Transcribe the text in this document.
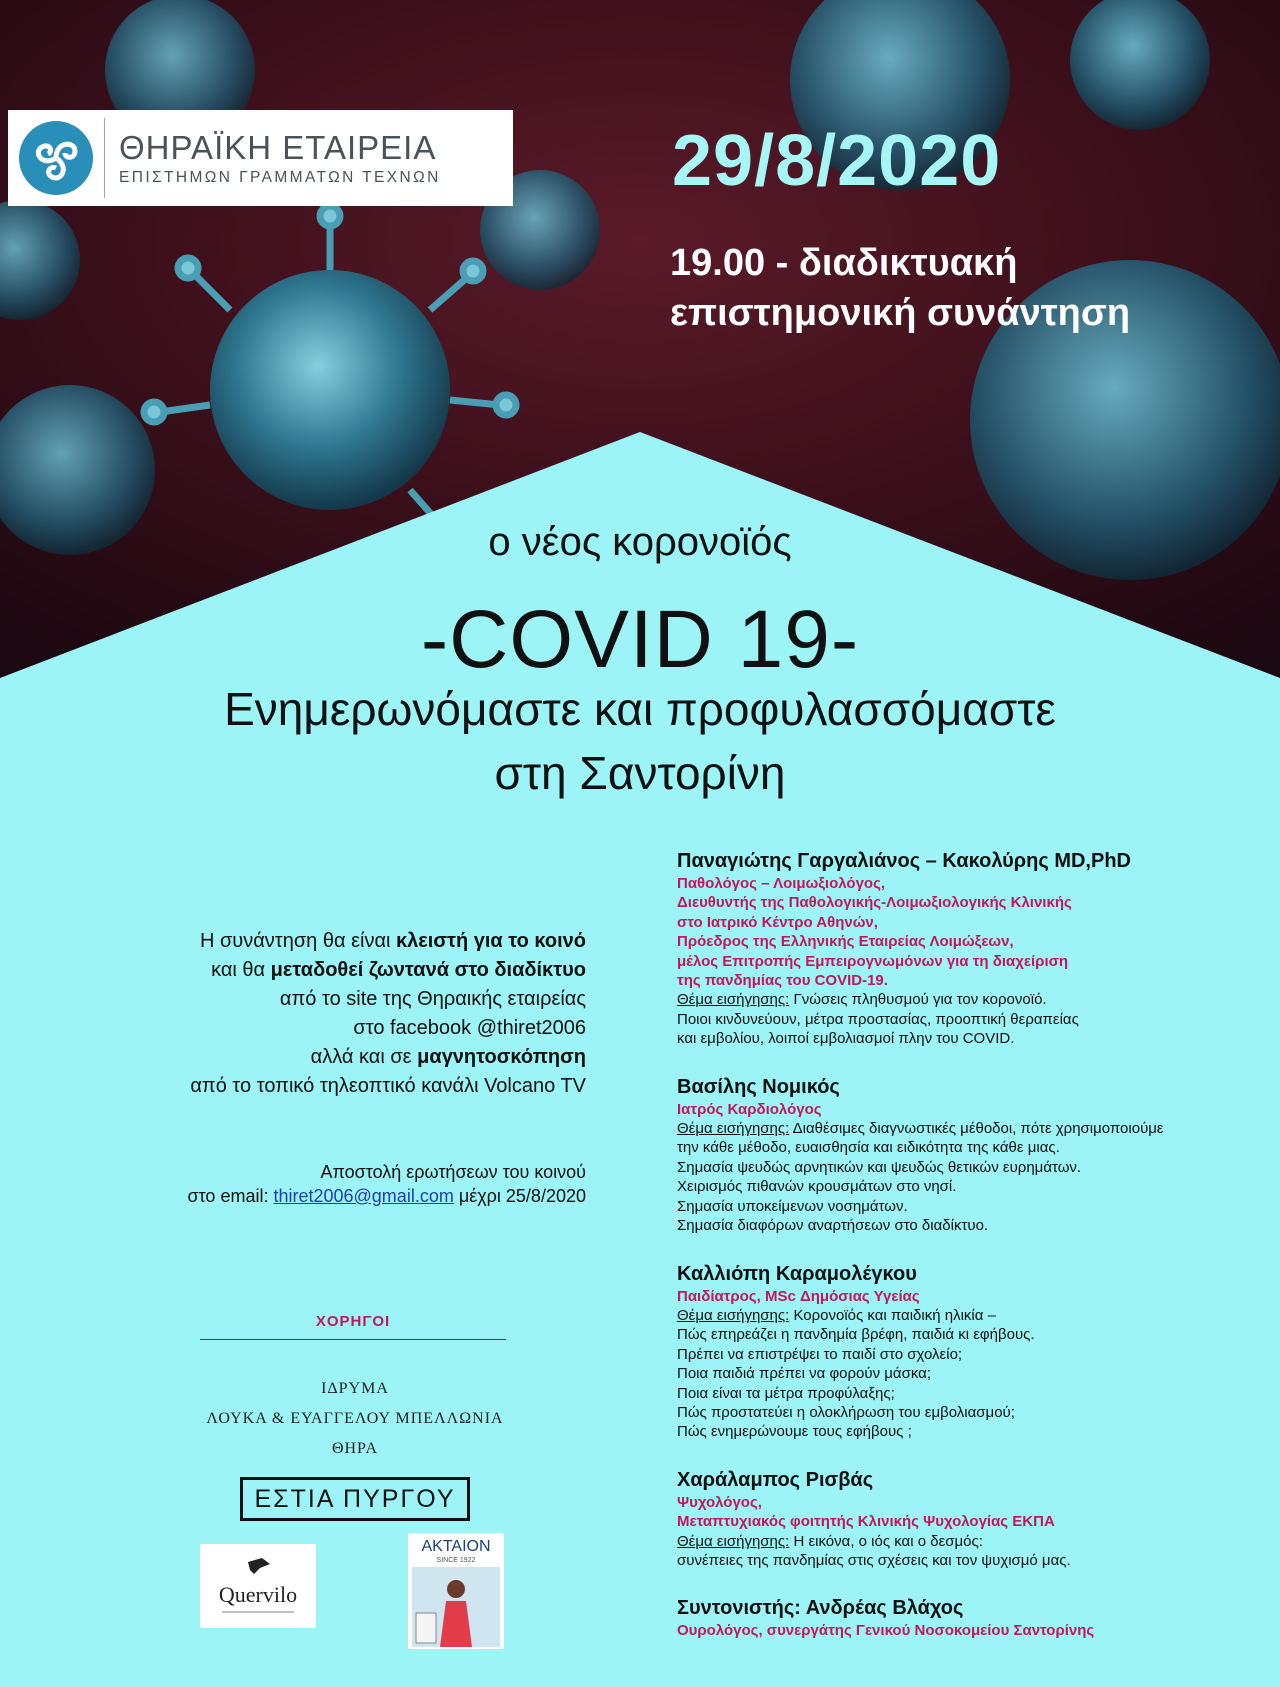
ΘΗΡΑΪΚΗ ΕΤΑΙΡΕΙΑ
ΕΠΙΣΤΗΜΩΝ ΓΡΑΜΜΑΤΩΝ ΤΕΧΝΩΝ	29/8/2020
19.00 - διαδικτυακή
επιστημονική συνάντηση
ο νέος κορονοϊός
-COVID 19-
Ενημερωνόμαστε και προφυλασσόμαστε
στη Σαντορίνη
Η συνάντηση θα είναι κλειστή για το κοινό
και θα μεταδοθεί ζωντανά στο διαδίκτυο
από το site της Θηραικής εταιρείας
στο facebook @thiret2006
αλλά και σε μαγνητοσκόπηση
από το τοπικό τηλεοπτικό κανάλι Volcano TV
Αποστολή ερωτήσεων του κοινού
στο email: thiret2006@gmail.com μέχρι 25/8/2020
ΧΟΡΗΓΟΙ
ΙΔΡΥΜΑ
ΛΟΥΚΑ & ΕΥΑΓΓΕΛΟΥ ΜΠΕΛΛΩΝΙΑ
ΘΗΡΑ
ΕΣΤΙΑ ΠΥΡΓΟΥ
Quervilo
ΑΚΤΑΙΟΝ
SINCE 1922
Παναγιώτης Γαργαλιάνος – Κακολύρης MD,PhD
Παθολόγος – Λοιμωξιολόγος,
Διευθυντής της Παθολογικής-Λοιμωξιολογικής Κλινικής
στο Ιατρικό Κέντρο Αθηνών,
Πρόεδρος της Ελληνικής Εταιρείας Λοιμώξεων,
μέλος Επιτροπής Εμπειρογνωμόνων για τη διαχείριση
της πανδημίας του COVID-19.
Θέμα εισήγησης: Γνώσεις πληθυσμού για τον κορονοϊό.
Ποιοι κινδυνεύουν, μέτρα προστασίας, προοπτική θεραπείας
και εμβολίου, λοιποί εμβολιασμοί πλην του COVID.
Βασίλης Νομικός
Ιατρός Καρδιολόγος
Θέμα εισήγησης: Διαθέσιμες διαγνωστικές μέθοδοι, πότε χρησιμοποιούμε
την κάθε μέθοδο, ευαισθησία και ειδικότητα της κάθε μιας.
Σημασία ψευδώς αρνητικών και ψευδώς θετικών ευρημάτων.
Χειρισμός πιθανών κρουσμάτων στο νησί.
Σημασία υποκείμενων νοσημάτων.
Σημασία διαφόρων αναρτήσεων στο διαδίκτυο.
Καλλιόπη Καραμολέγκου
Παιδίατρος, MSc Δημόσιας Υγείας
Θέμα εισήγησης: Κορονοϊός και παιδική ηλικία –
Πώς επηρεάζει η πανδημία βρέφη, παιδιά κι εφήβους.
Πρέπει να επιστρέψει το παιδί στο σχολείο;
Ποια παιδιά πρέπει να φορούν μάσκα;
Ποια είναι τα μέτρα προφύλαξης;
Πώς προστατεύει η ολοκλήρωση του εμβολιασμού;
Πώς ενημερώνουμε τους εφήβους ;
Χαράλαμπος Ρισβάς
Ψυχολόγος,
Μεταπτυχιακός φοιτητής Κλινικής Ψυχολογίας ΕΚΠΑ
Θέμα εισήγησης: Η εικόνα, ο ιός και ο δεσμός:
συνέπειες της πανδημίας στις σχέσεις και τον ψυχισμό μας.
Συντονιστής: Ανδρέας Βλάχος
Ουρολόγος, συνεργάτης Γενικού Νοσοκομείου Σαντορίνης
